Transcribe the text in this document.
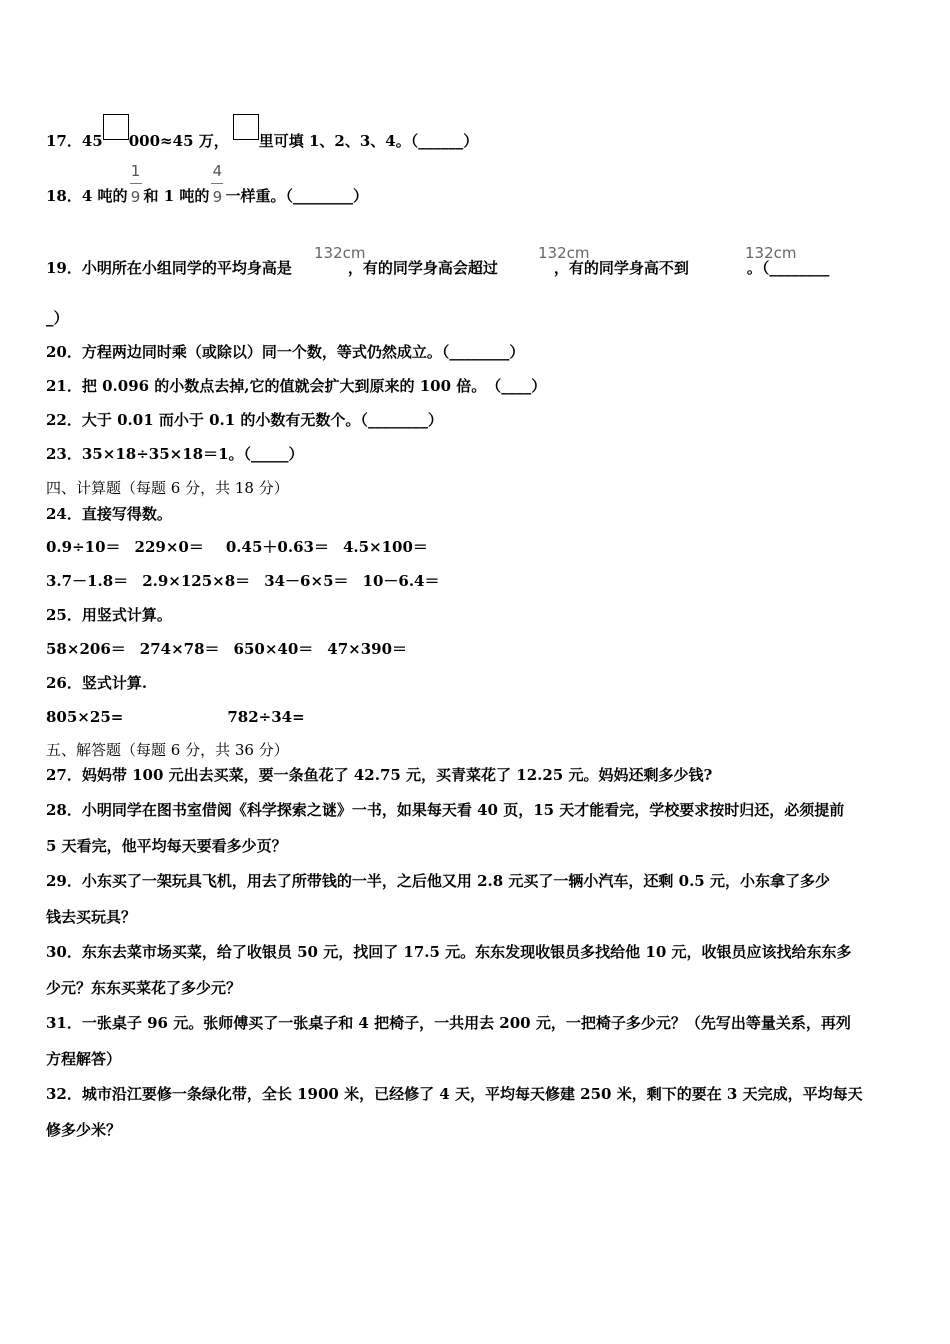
17．45 000≈45 万， 里可填 1、2、3、4。（______）
18．4 吨的 $\frac{1}{9}$ 和 1 吨的 $\frac{4}{9}$ 一样重。（________）
19．小明所在小组同学的平均身高是	，有的同学身高会超过	，有的同学身高不到	。（________
132cm	132cm	132cm
_）
20．方程两边同时乘（或除以）同一个数，等式仍然成立。（________）
21．把 0.096 的小数点去掉,它的值就会扩大到原来的 100 倍。　（____）
22．大于 0.01 而小于 0.1 的小数有无数个。（________）
23．35×18÷35×18＝1。（_____）
四、计算题（每题 6 分，共 18 分）
24．直接写得数。
0.9÷10＝ 229×0＝ 0.45＋0.63＝ 4.5×100＝
3.7－1.8＝ 2.9×125×8＝ 34－6×5＝ 10－6.4＝
25．用竖式计算。
58×206＝ 274×78＝ 650×40＝ 47×390＝
26．竖式计算.
805×25=	782÷34=
五、解答题（每题 6 分，共 36 分）
27．妈妈带 100 元出去买菜，要一条鱼花了 42.75 元，买青菜花了 12.25 元。妈妈还剩多少钱?
28．小明同学在图书室借阅《科学探索之谜》一书，如果每天看 40 页，15 天才能看完，学校要求按时归还，必须提前
5 天看完，他平均每天要看多少页？
29．小东买了一架玩具飞机，用去了所带钱的一半，之后他又用 2.8 元买了一辆小汽车，还剩 0.5 元，小东拿了多少
钱去买玩具？
30．东东去菜市场买菜，给了收银员 50 元，找回了 17.5 元。东东发现收银员多找给他 10 元，收银员应该找给东东多
少元？东东买菜花了多少元？
31．一张桌子 96 元。张师傅买了一张桌子和 4 把椅子，一共用去 200 元，一把椅子多少元？（先写出等量关系，再列
方程解答）
32．城市沿江要修一条绿化带，全长 1900 米，已经修了 4 天，平均每天修建 250 米，剩下的要在 3 天完成，平均每天
修多少米？
